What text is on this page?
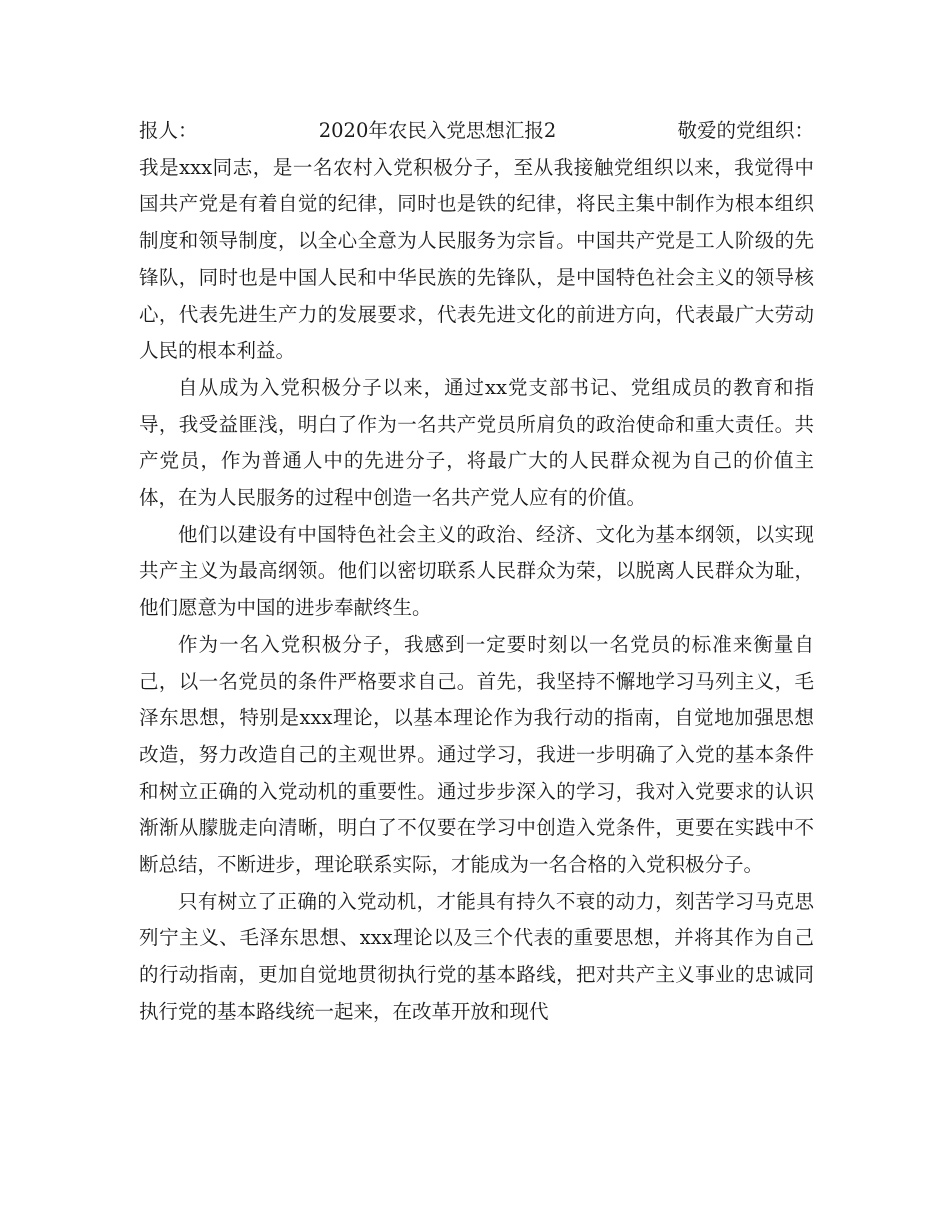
报人：	2020年农民入党思想汇报2	敬爱的党组织：

我是xxx同志，是一名农村入党积极分子，至从我接触党组织以来，我觉得中国共产党是有着自觉的纪律，同时也是铁的纪律，将民主集中制作为根本组织制度和领导制度，以全心全意为人民服务为宗旨。中国共产党是工人阶级的先锋队，同时也是中国人民和中华民族的先锋队，是中国特色社会主义的领导核心，代表先进生产力的发展要求，代表先进文化的前进方向，代表最广大劳动人民的根本利益。

自从成为入党积极分子以来，通过xx党支部书记、党组成员的教育和指导，我受益匪浅，明白了作为一名共产党员所肩负的政治使命和重大责任。共产党员，作为普通人中的先进分子，将最广大的人民群众视为自己的价值主体，在为人民服务的过程中创造一名共产党人应有的价值。

他们以建设有中国特色社会主义的政治、经济、文化为基本纲领，以实现共产主义为最高纲领。他们以密切联系人民群众为荣，以脱离人民群众为耻，他们愿意为中国的进步奉献终生。

作为一名入党积极分子，我感到一定要时刻以一名党员的标准来衡量自己，以一名党员的条件严格要求自己。首先，我坚持不懈地学习马列主义，毛泽东思想，特别是xxx理论，以基本理论作为我行动的指南，自觉地加强思想改造，努力改造自己的主观世界。通过学习，我进一步明确了入党的基本条件和树立正确的入党动机的重要性。通过步步深入的学习，我对入党要求的认识渐渐从朦胧走向清晰，明白了不仅要在学习中创造入党条件，更要在实践中不断总结，不断进步，理论联系实际，才能成为一名合格的入党积极分子。

只有树立了正确的入党动机，才能具有持久不衰的动力，刻苦学习马克思列宁主义、毛泽东思想、xxx理论以及三个代表的重要思想，并将其作为自己的行动指南，更加自觉地贯彻执行党的基本路线，把对共产主义事业的忠诚同执行党的基本路线统一起来，在改革开放和现代
